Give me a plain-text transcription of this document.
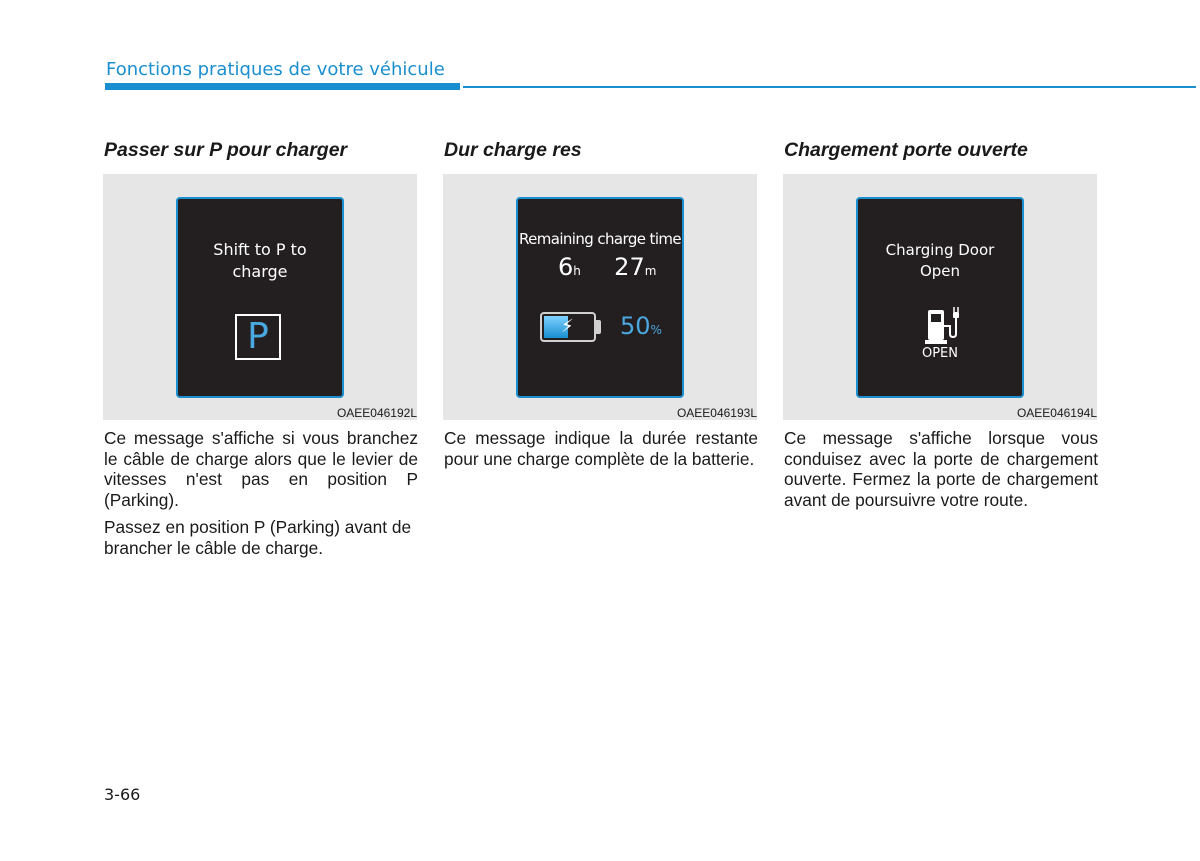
Fonctions pratiques de votre véhicule
Passer sur P pour charger
Shift to P to
charge
P
OAEE046192L

Ce message s'affiche si vous branchez le câble de charge alors que le levier de vitesses n'est pas en position P (Parking).

Passez en position P (Parking) avant de brancher le câble de charge.

Dur charge res
Remaining charge time
6h 27m
⚡ 50%
OAEE046193L

Ce message indique la durée restante pour une charge complète de la batterie.

Chargement porte ouverte
Charging Door
Open
OPEN
OAEE046194L

Ce message s'affiche lorsque vous conduisez avec la porte de chargement ouverte. Fermez la porte de chargement avant de poursuivre votre route.

3-66
